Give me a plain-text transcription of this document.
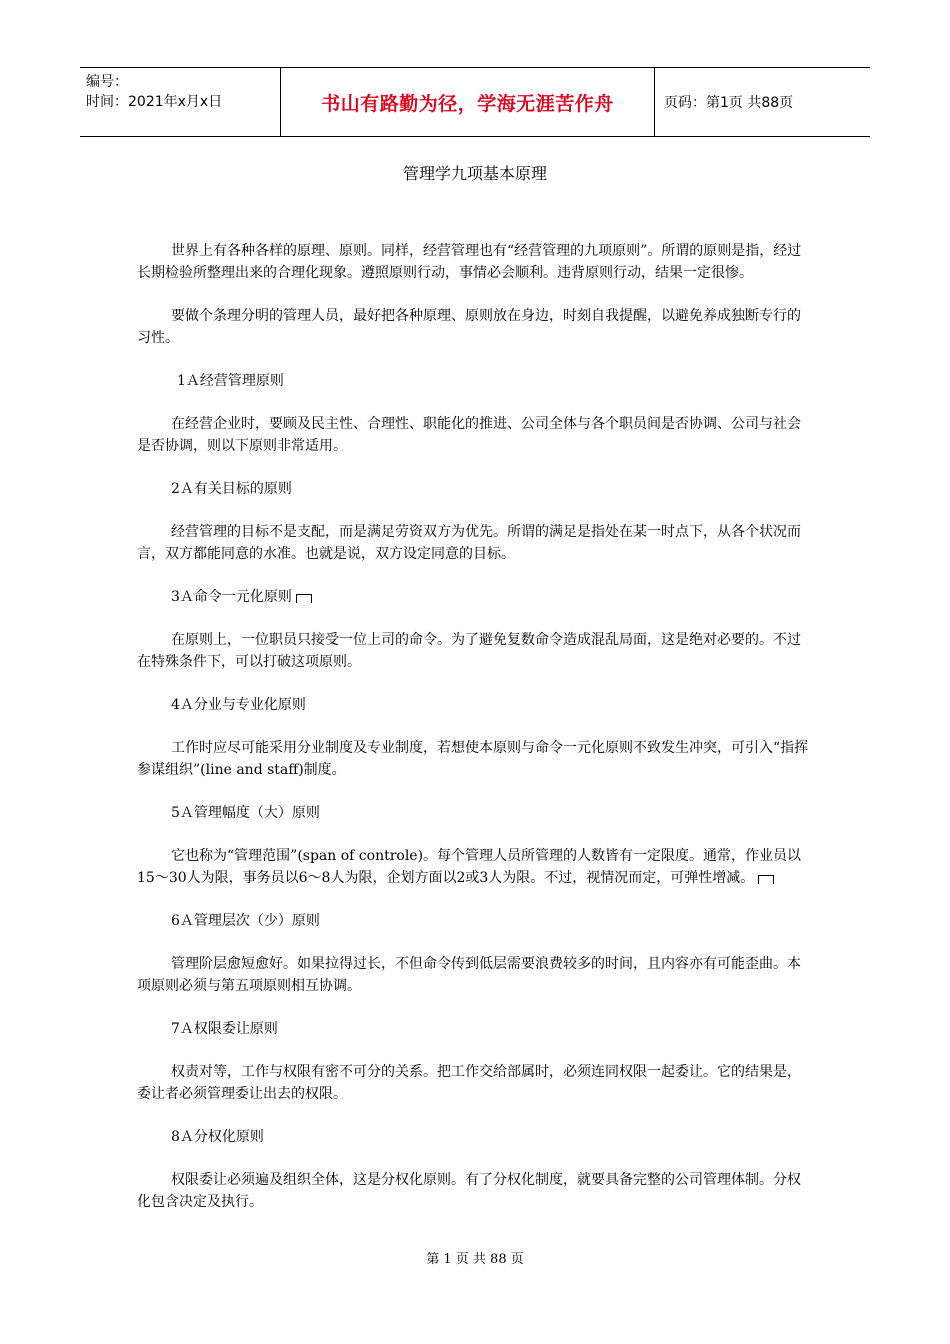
编号：
时间：2021年x月x日	书山有路勤为径，学海无涯苦作舟	页码：第1页 共88页
管理学九项基本原理
世界上有各种各样的原理、原则。同样，经营管理也有“经营管理的九项原则”。所谓的原则是指，经过长期检验所整理出来的合理化现象。遵照原则行动，事情必会顺利。违背原则行动，结果一定很惨。
要做个条理分明的管理人员，最好把各种原理、原则放在身边，时刻自我提醒，以避免养成独断专行的习性。
1Ａ经营管理原则
在经营企业时，要顾及民主性、合理性、职能化的推进、公司全体与各个职员间是否协调、公司与社会是否协调，则以下原则非常适用。
2Ａ有关目标的原则
经营管理的目标不是支配，而是满足劳资双方为优先。所谓的满足是指处在某一时点下，从各个状况而言，双方都能同意的水准。也就是说，双方设定同意的目标。
3Ａ命令一元化原则
在原则上，一位职员只接受一位上司的命令。为了避免复数命令造成混乱局面，这是绝对必要的。不过在特殊条件下，可以打破这项原则。
4Ａ分业与专业化原则
工作时应尽可能采用分业制度及专业制度，若想使本原则与命令一元化原则不致发生冲突，可引入“指挥参谋组织”(line and staff)制度。
5Ａ管理幅度（大）原则
它也称为“管理范围”(span of controle)。每个管理人员所管理的人数皆有一定限度。通常，作业员以15～30人为限，事务员以6～8人为限，企划方面以2或3人为限。不过，视情况而定，可弹性增减。
6Ａ管理层次（少）原则
管理阶层愈短愈好。如果拉得过长，不但命令传到低层需要浪费较多的时间，且内容亦有可能歪曲。本项原则必须与第五项原则相互协调。
7Ａ权限委让原则
权责对等，工作与权限有密不可分的关系。把工作交给部属时，必须连同权限一起委让。它的结果是，委让者必须管理委让出去的权限。
8Ａ分权化原则
权限委让必须遍及组织全体，这是分权化原则。有了分权化制度，就要具备完整的公司管理体制。分权化包含决定及执行。
第 1 页 共 88 页
